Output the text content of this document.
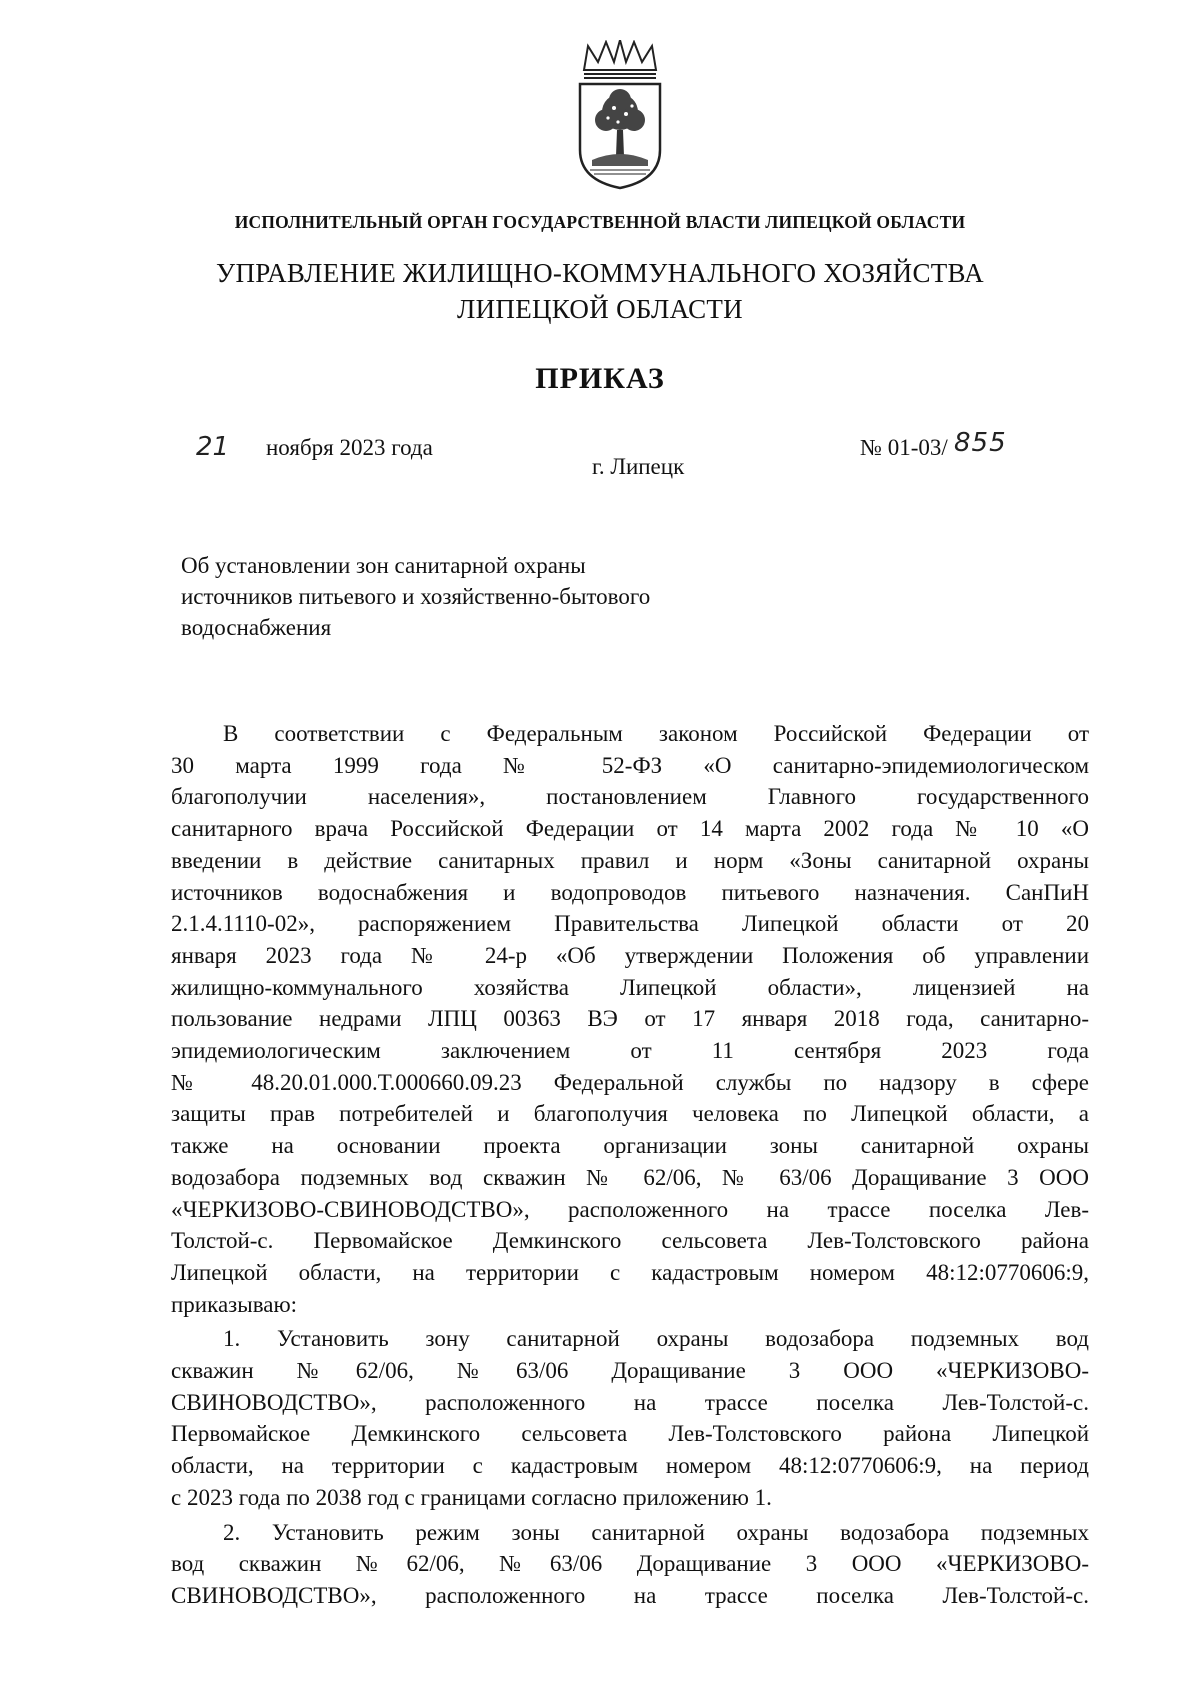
ИСПОЛНИТЕЛЬНЫЙ ОРГАН ГОСУДАРСТВЕННОЙ ВЛАСТИ ЛИПЕЦКОЙ ОБЛАСТИ
УПРАВЛЕНИЕ ЖИЛИЩНО-КОММУНАЛЬНОГО ХОЗЯЙСТВА
ЛИПЕЦКОЙ ОБЛАСТИ
ПРИКАЗ
21 ноября 2023 года
г. Липецк
№ 01-03/ 855
Об установлении зон санитарной охраны
источников питьевого и хозяйственно-бытового
водоснабжения

В соответствии с Федеральным законом Российской Федерации от
30 марта 1999 года № 52-ФЗ «О санитарно-эпидемиологическом
благополучии населения», постановлением Главного государственного
санитарного врача Российской Федерации от 14 марта 2002 года № 10 «О
введении в действие санитарных правил и норм «Зоны санитарной охраны
источников водоснабжения и водопроводов питьевого назначения. СанПиН
2.1.4.1110-02», распоряжением Правительства Липецкой области от 20
января 2023 года № 24-р «Об утверждении Положения об управлении
жилищно-коммунального хозяйства Липецкой области», лицензией на
пользование недрами ЛПЦ 00363 ВЭ от 17 января 2018 года, санитарно-
эпидемиологическим заключением от 11 сентября 2023 года
№ 48.20.01.000.Т.000660.09.23 Федеральной службы по надзору в сфере
защиты прав потребителей и благополучия человека по Липецкой области, а
также на основании проекта организации зоны санитарной охраны
водозабора подземных вод скважин № 62/06, № 63/06 Доращивание 3 ООО
«ЧЕРКИЗОВО-СВИНОВОДСТВО», расположенного на трассе поселка Лев-
Толстой-с. Первомайское Демкинского сельсовета Лев-Толстовского района
Липецкой области, на территории с кадастровым номером 48:12:0770606:9,
приказываю:

1. Установить зону санитарной охраны водозабора подземных вод
скважин №62/06, №63/06 Доращивание 3 ООО «ЧЕРКИЗОВО-
СВИНОВОДСТВО», расположенного на трассе поселка Лев-Толстой-с.
Первомайское Демкинского сельсовета Лев-Толстовского района Липецкой
области, на территории с кадастровым номером 48:12:0770606:9, на период
с 2023 года по 2038 год с границами согласно приложению 1.

2. Установить режим зоны санитарной охраны водозабора подземных
вод скважин №62/06, №63/06 Доращивание 3 ООО «ЧЕРКИЗОВО-
СВИНОВОДСТВО», расположенного на трассе поселка Лев-Толстой-с.
